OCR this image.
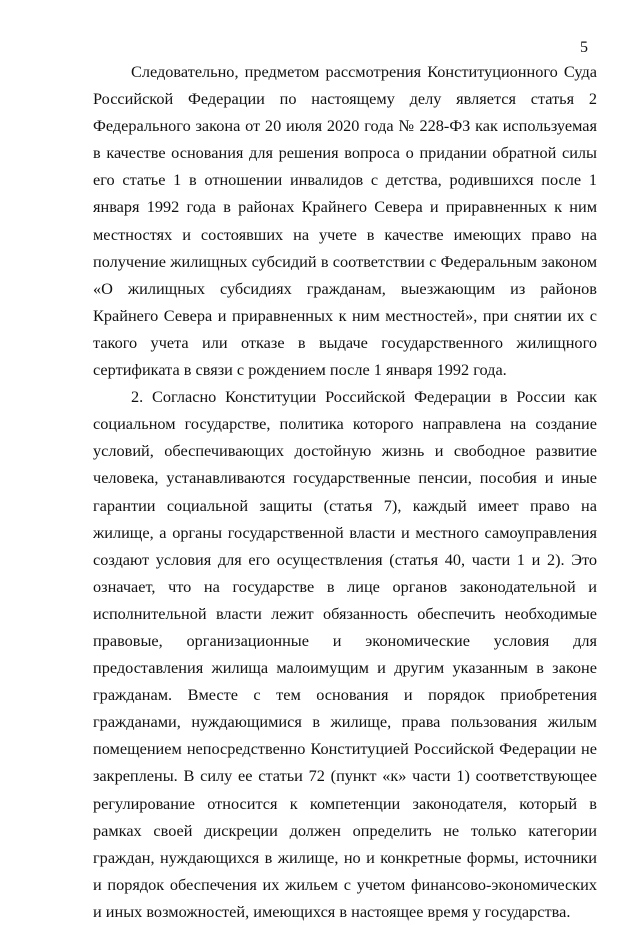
5

Следовательно, предметом рассмотрения Конституционного Суда Российской Федерации по настоящему делу является статья 2 Федерального закона от 20 июля 2020 года № 228-ФЗ как используемая в качестве основания для решения вопроса о придании обратной силы его статье 1 в отношении инвалидов с детства, родившихся после 1 января 1992 года в районах Крайнего Севера и приравненных к ним местностях и состоявших на учете в качестве имеющих право на получение жилищных субсидий в соответствии с Федеральным законом «О жилищных субсидиях гражданам, выезжающим из районов Крайнего Севера и приравненных к ним местностей», при снятии их с такого учета или отказе в выдаче государственного жилищного сертификата в связи с рождением после 1 января 1992 года.

2. Согласно Конституции Российской Федерации в России как социальном государстве, политика которого направлена на создание условий, обеспечивающих достойную жизнь и свободное развитие человека, устанавливаются государственные пенсии, пособия и иные гарантии социальной защиты (статья 7), каждый имеет право на жилище, а органы государственной власти и местного самоуправления создают условия для его осуществления (статья 40, части 1 и 2). Это означает, что на государстве в лице органов законодательной и исполнительной власти лежит обязанность обеспечить необходимые правовые, организационные и экономические условия для предоставления жилища малоимущим и другим указанным в законе гражданам. Вместе с тем основания и порядок приобретения гражданами, нуждающимися в жилище, права пользования жилым помещением непосредственно Конституцией Российской Федерации не закреплены. В силу ее статьи 72 (пункт «к» части 1) соответствующее регулирование относится к компетенции законодателя, который в рамках своей дискреции должен определить не только категории граждан, нуждающихся в жилище, но и конкретные формы, источники и порядок обеспечения их жильем с учетом финансово-экономических и иных возможностей, имеющихся в настоящее время у государства.
